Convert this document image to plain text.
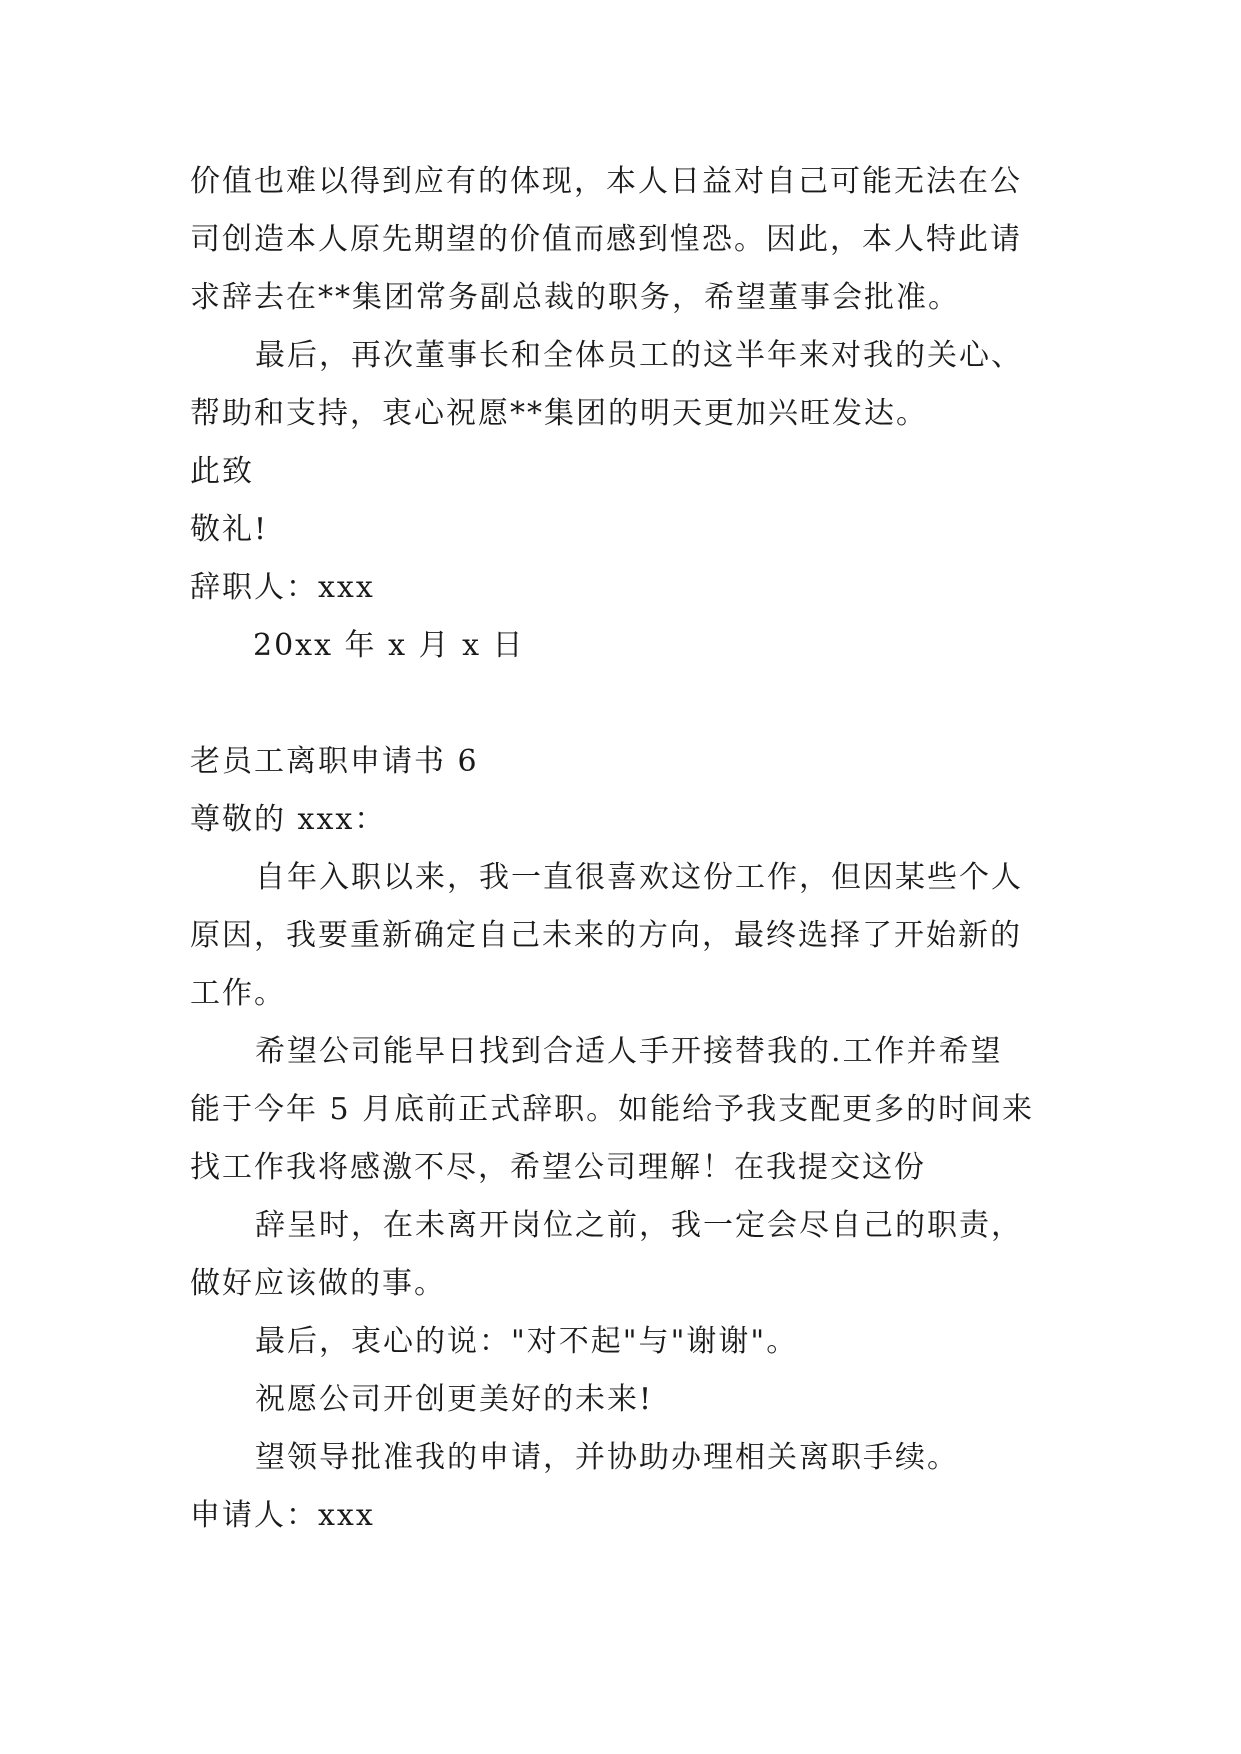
价值也难以得到应有的体现，本人日益对自己可能无法在公
司创造本人原先期望的价值而感到惶恐。因此，本人特此请
求辞去在**集团常务副总裁的职务，希望董事会批准。
最后，再次董事长和全体员工的这半年来对我的关心、
帮助和支持，衷心祝愿**集团的明天更加兴旺发达。
此致
敬礼!
辞职人：xxx
20xx 年 x 月 x 日
老员工离职申请书 6
尊敬的 xxx：
自年入职以来，我一直很喜欢这份工作，但因某些个人
原因，我要重新确定自己未来的方向，最终选择了开始新的
工作。
希望公司能早日找到合适人手开接替我的.工作并希望
能于今年 5 月底前正式辞职。如能给予我支配更多的时间来
找工作我将感激不尽，希望公司理解！在我提交这份
辞呈时，在未离开岗位之前，我一定会尽自己的职责，
做好应该做的事。
最后，衷心的说："对不起"与"谢谢"。
祝愿公司开创更美好的未来!
望领导批准我的申请，并协助办理相关离职手续。
申请人：xxx
